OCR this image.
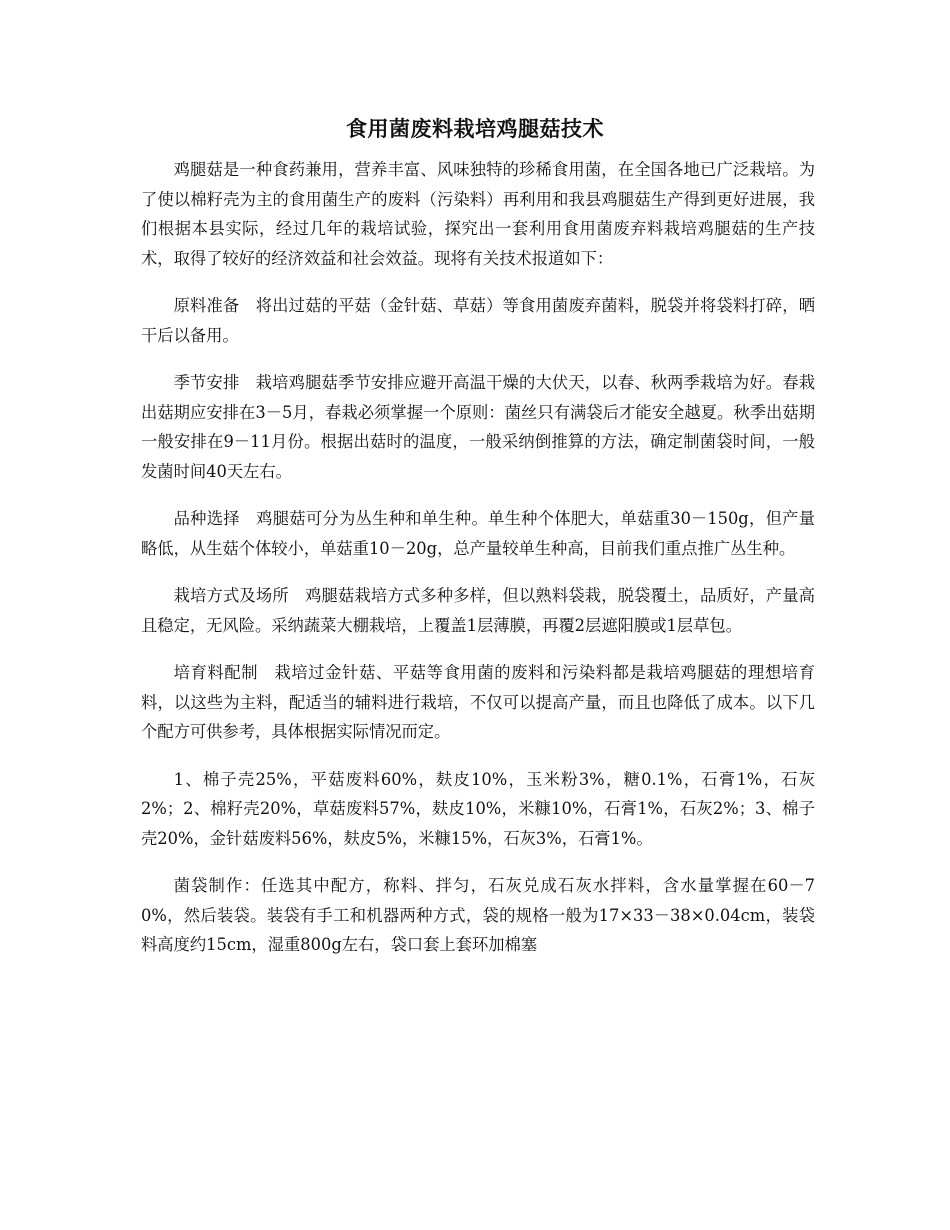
食用菌废料栽培鸡腿菇技术

鸡腿菇是一种食药兼用，营养丰富、风味独特的珍稀食用菌，在全国各地已广泛栽培。为了使以棉籽壳为主的食用菌生产的废料（污染料）再利用和我县鸡腿菇生产得到更好进展，我们根据本县实际，经过几年的栽培试验，探究出一套利用食用菌废弃料栽培鸡腿菇的生产技术，取得了较好的经济效益和社会效益。现将有关技术报道如下：

原料准备 将出过菇的平菇（金针菇、草菇）等食用菌废弃菌料，脱袋并将袋料打碎，晒干后以备用。

季节安排 栽培鸡腿菇季节安排应避开高温干燥的大伏天，以春、秋两季栽培为好。春栽出菇期应安排在3－5月，春栽必须掌握一个原则：菌丝只有满袋后才能安全越夏。秋季出菇期一般安排在9－11月份。根据出菇时的温度，一般采纳倒推算的方法，确定制菌袋时间，一般发菌时间40天左右。

品种选择 鸡腿菇可分为丛生种和单生种。单生种个体肥大，单菇重30－150g，但产量略低，从生菇个体较小，单菇重10－20g，总产量较单生种高，目前我们重点推广丛生种。

栽培方式及场所 鸡腿菇栽培方式多种多样，但以熟料袋栽，脱袋覆土，品质好，产量高且稳定，无风险。采纳蔬菜大棚栽培，上覆盖1层薄膜，再覆2层遮阳膜或1层草包。

培育料配制 栽培过金针菇、平菇等食用菌的废料和污染料都是栽培鸡腿菇的理想培育料，以这些为主料，配适当的辅料进行栽培，不仅可以提高产量，而且也降低了成本。以下几个配方可供参考，具体根据实际情况而定。

1、棉子壳25%，平菇废料60%，麸皮10%，玉米粉3%，糖0.1%，石膏1%，石灰2%；2、棉籽壳20%，草菇废料57%，麸皮10%，米糠10%，石膏1%，石灰2%；3、棉子壳20%，金针菇废料56%，麸皮5%，米糠15%，石灰3%，石膏1%。

菌袋制作：任选其中配方，称料、拌匀，石灰兑成石灰水拌料，含水量掌握在60－70%，然后装袋。装袋有手工和机器两种方式，袋的规格一般为17×33－38×0.04cm，装袋料高度约15cm，湿重800g左右，袋口套上套环加棉塞
